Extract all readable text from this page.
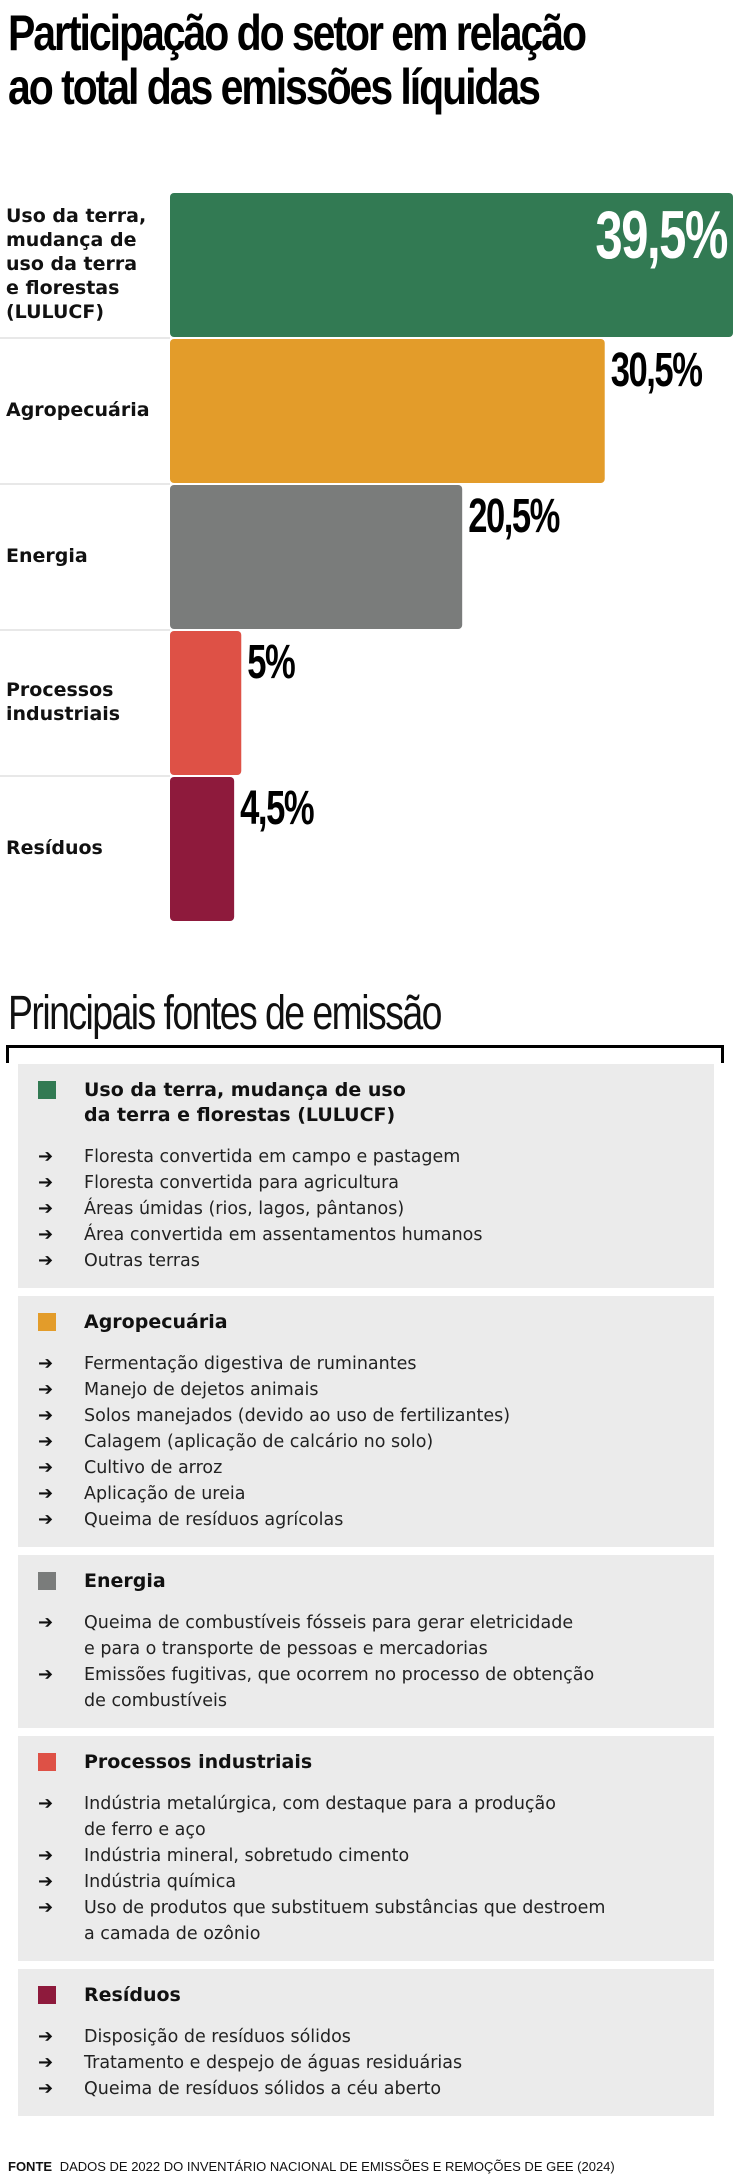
Participação do setor em relação
ao total das emissões líquidas
Uso da terra, mudança de uso da terra e florestas (LULUCF)
39,5%
Agropecuária
30,5%
Energia
20,5%
Processos industriais
5%
Resíduos
4,5%
Principais fontes de emissão
Uso da terra, mudança de uso
da terra e florestas (LULUCF)
➔	Floresta convertida em campo e pastagem
➔	Floresta convertida para agricultura
➔	Áreas úmidas (rios, lagos, pântanos)
➔	Área convertida em assentamentos humanos
➔	Outras terras
Agropecuária
➔	Fermentação digestiva de ruminantes
➔	Manejo de dejetos animais
➔	Solos manejados (devido ao uso de fertilizantes)
➔	Calagem (aplicação de calcário no solo)
➔	Cultivo de arroz
➔	Aplicação de ureia
➔	Queima de resíduos agrícolas
Energia
➔	Queima de combustíveis fósseis para gerar eletricidade
e para o transporte de pessoas e mercadorias
➔	Emissões fugitivas, que ocorrem no processo de obtenção
de combustíveis
Processos industriais
➔	Indústria metalúrgica, com destaque para a produção
de ferro e aço
➔	Indústria mineral, sobretudo cimento
➔	Indústria química
➔	Uso de produtos que substituem substâncias que destroem
a camada de ozônio
Resíduos
➔	Disposição de resíduos sólidos
➔	Tratamento e despejo de águas residuárias
➔	Queima de resíduos sólidos a céu aberto
FONTE DADOS DE 2022 DO INVENTÁRIO NACIONAL DE EMISSÕES E REMOÇÕES DE GEE (2024)
